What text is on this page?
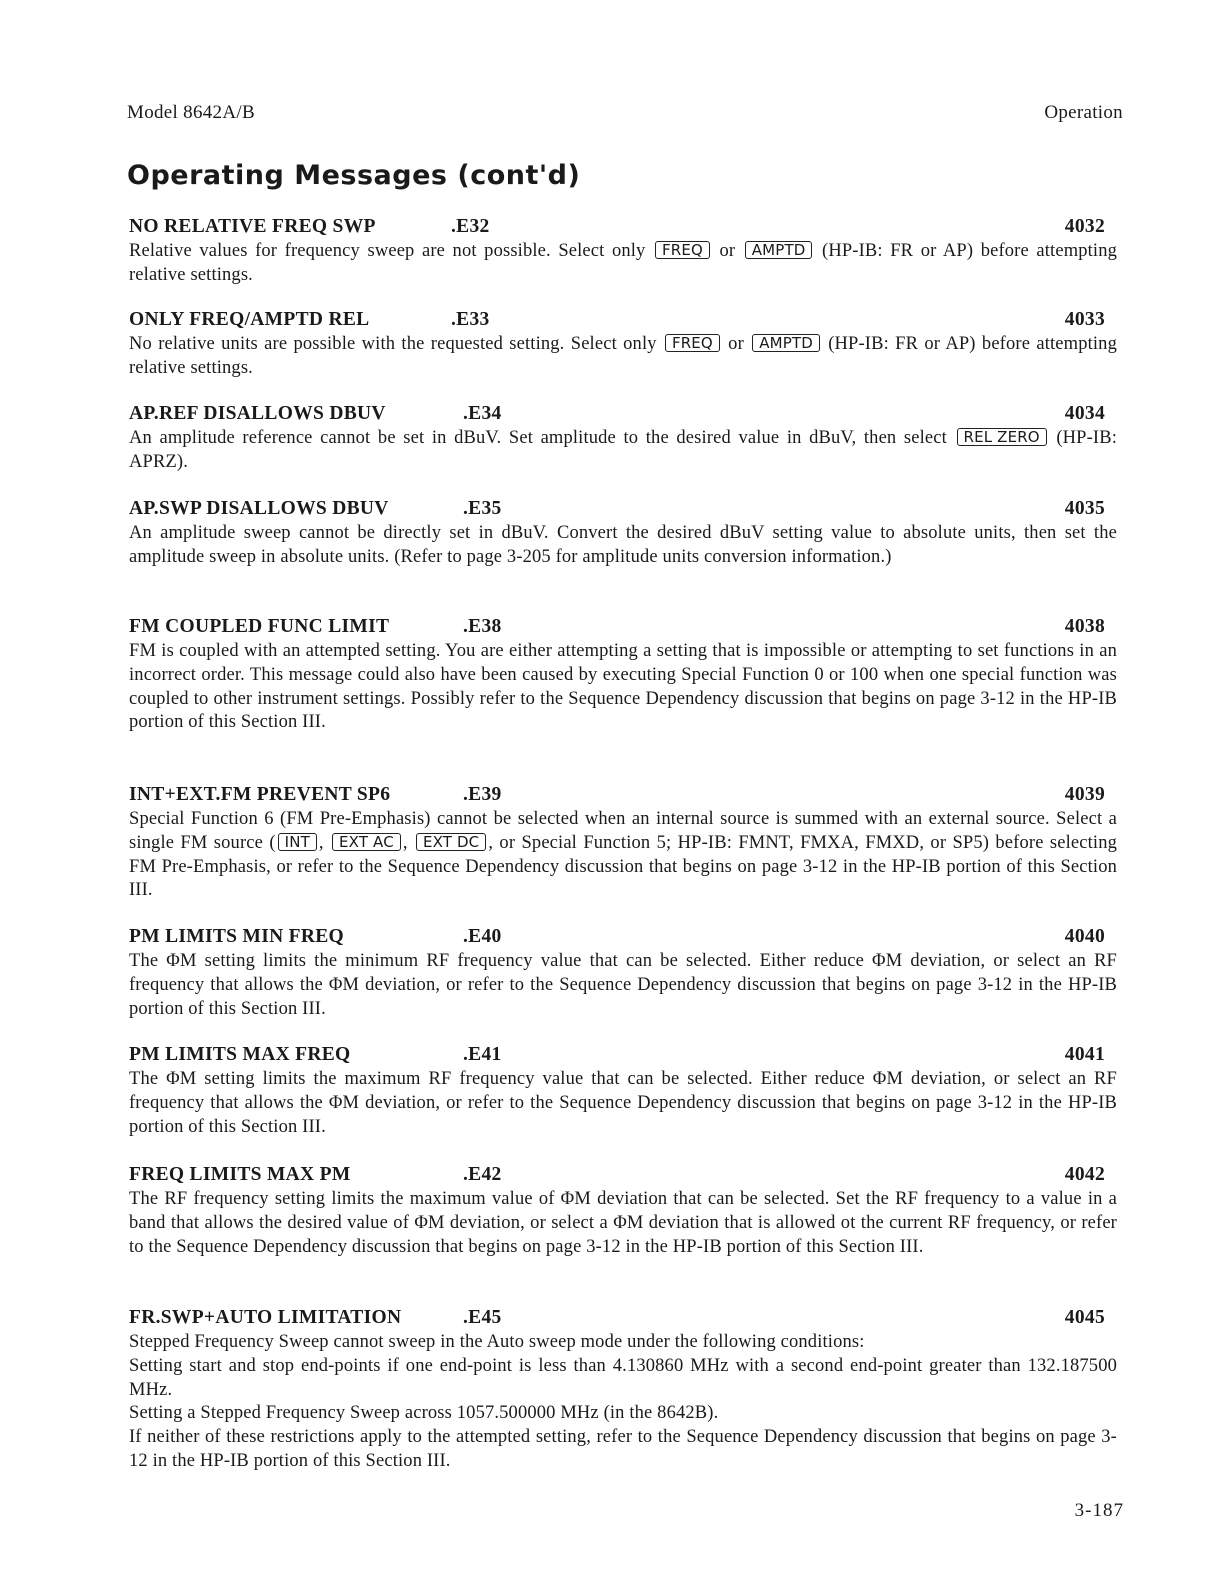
Model 8642A/B	Operation
Operating Messages (cont'd)
NO RELATIVE FREQ SWP	.E32	4032
Relative values for frequency sweep are not possible. Select only FREQ or AMPTD (HP-IB: FR or AP) before attempting relative settings.
ONLY FREQ/AMPTD REL	.E33	4033
No relative units are possible with the requested setting. Select only FREQ or AMPTD (HP-IB: FR or AP) before attempting relative settings.
AP.REF DISALLOWS DBUV	.E34	4034
An amplitude reference cannot be set in dBuV. Set amplitude to the desired value in dBuV, then select REL ZERO (HP-IB: APRZ).
AP.SWP DISALLOWS DBUV	.E35	4035

An amplitude sweep cannot be directly set in dBuV. Convert the desired dBuV setting value to absolute units, then set the amplitude sweep in absolute units. (Refer to page 3-205 for amplitude units conversion information.)

FM COUPLED FUNC LIMIT	.E38	4038

FM is coupled with an attempted setting. You are either attempting a setting that is impossible or attempting to set functions in an incorrect order. This message could also have been caused by executing Special Function 0 or 100 when one special function was coupled to other instrument settings. Possibly refer to the Sequence Dependency discussion that begins on page 3-12 in the HP-IB portion of this Section III.

INT+EXT.FM PREVENT SP6	.E39	4039
Special Function 6 (FM Pre-Emphasis) cannot be selected when an internal source is summed with an external source. Select a single FM source ( INT , EXT AC , EXT DC , or Special Function 5; HP-IB: FMNT, FMXA, FMXD, or SP5) before selecting FM Pre-Emphasis, or refer to the Sequence Dependency discussion that begins on page 3-12 in the HP-IB portion of this Section III.
PM LIMITS MIN FREQ	.E40	4040

The ΦM setting limits the minimum RF frequency value that can be selected. Either reduce ΦM deviation, or select an RF frequency that allows the ΦM deviation, or refer to the Sequence Dependency discussion that begins on page 3-12 in the HP-IB portion of this Section III.

PM LIMITS MAX FREQ	.E41	4041

The ΦM setting limits the maximum RF frequency value that can be selected. Either reduce ΦM deviation, or select an RF frequency that allows the ΦM deviation, or refer to the Sequence Dependency discussion that begins on page 3-12 in the HP-IB portion of this Section III.

FREQ LIMITS MAX PM	.E42	4042

The RF frequency setting limits the maximum value of ΦM deviation that can be selected. Set the RF frequency to a value in a band that allows the desired value of ΦM deviation, or select a ΦM deviation that is allowed ot the current RF frequency, or refer to the Sequence Dependency discussion that begins on page 3-12 in the HP-IB portion of this Section III.

FR.SWP+AUTO LIMITATION	.E45	4045

Stepped Frequency Sweep cannot sweep in the Auto sweep mode under the following conditions:

Setting start and stop end-points if one end-point is less than 4.130860 MHz with a second end-point greater than 132.187500 MHz.

Setting a Stepped Frequency Sweep across 1057.500000 MHz (in the 8642B).

If neither of these restrictions apply to the attempted setting, refer to the Sequence Dependency discussion that begins on page 3-12 in the HP-IB portion of this Section III.

3-187
